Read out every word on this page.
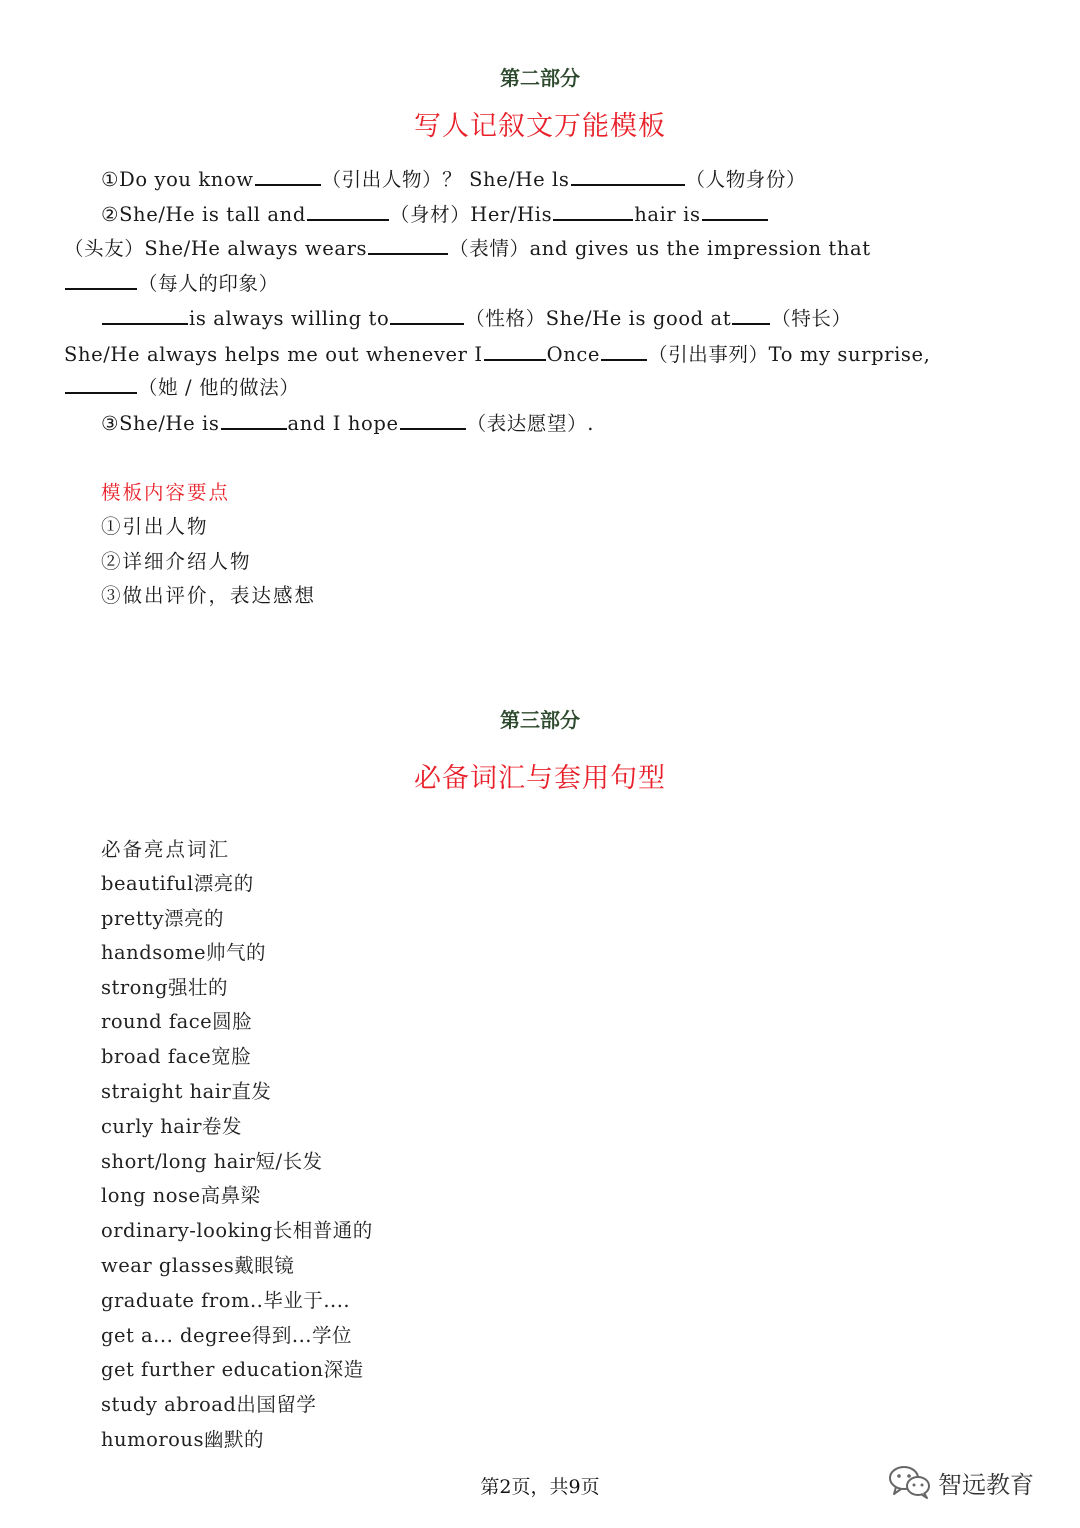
第二部分
写人记叙文万能模板
①Do you know	（引出人物）？ She/He ls	（人物身份）
②She/He is tall and	（身材）Her/His	hair is
（头友）She/He always wears	（表情）and gives us the impression that
（每人的印象）
is always willing to	（性格）She/He is good at （特长）
She/He always helps me out whenever I	Once （引出事列）To my surprise,
（她 / 他的做法）
③She/He is	and I hope	（表达愿望）.
模板内容要点
①引出人物
②详细介绍人物
③做出评价，表达感想
第三部分
必备词汇与套用句型
必备亮点词汇
beautiful漂亮的
pretty漂亮的
handsome帅气的
strong强壮的
round face圆脸
broad face宽脸
straight hair直发
curly hair卷发
short/long hair短/长发
long nose高鼻梁
ordinary-looking长相普通的
wear glasses戴眼镜
graduate from..毕业于....
get a... degree得到...学位
get further education深造
study abroad出国留学
humorous幽默的
第2页，共9页	智远教育
